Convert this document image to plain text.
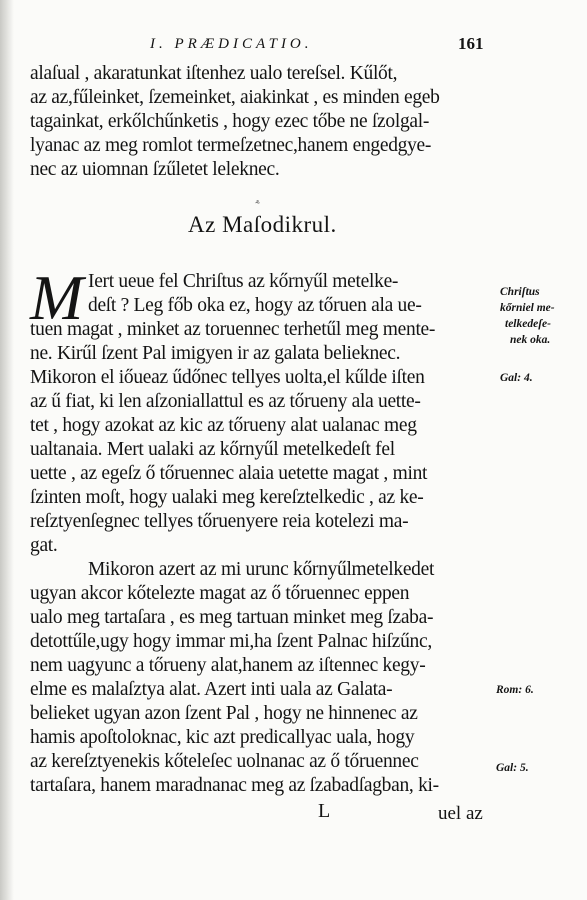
I. PRÆDICATIO.	161
alaſual , akaratunkat iſtenhez ualo tereſsel. Kűlőt,
az az,fűleinket, ſzemeinket, aiakinkat , es minden egeb
tagainkat, erkőlchűnketis , hogy ezec tőbe ne ſzolgal-
lyanac az meg romlot termeſzetnec,hanem engedgye-
nec az uiomnan ſzűletet leleknec.
⸛
Az Maſodikrul.
M Iert ueue fel Chriſtus az kőrnyűl metelke-
deſt ? Leg főb oka ez, hogy az tőruen ala ue-
tuen magat , minket az toruennec terhetűl meg mente-
ne. Kirűl ſzent Pal imigyen ir az galata belieknec.
Mikoron el iőueaz űdőnec tellyes uolta,el kűlde iſten
az ű fiat, ki len aſzoniallattul es az tőrueny ala uette-
tet , hogy azokat az kic az tőrueny alat ualanac meg
ualtanaia. Mert ualaki az kőrnyűl metelkedeſt fel
uette , az egeſz ő tőruennec alaia uetette magat , mint
ſzinten moſt, hogy ualaki meg kereſztelkedic , az ke-
reſztyenſegnec tellyes tőruenyere reia kotelezi ma-
gat.
Mikoron azert az mi urunc kőrnyűlmetelkedet
ugyan akcor kőtelezte magat az ő tőruennec eppen
ualo meg tartaſara , es meg tartuan minket meg ſzaba-
detottűle,ugy hogy immar mi,ha ſzent Palnac hiſzűnc,
nem uagyunc a tőrueny alat,hanem az iſtennec kegy-
elme es malaſztya alat. Azert inti uala az Galata-
belieket ugyan azon ſzent Pal , hogy ne hinnenec az
hamis apoſtoloknac, kic azt predicallyac uala, hogy
az kereſztyenekis kőteleſec uolnanac az ő tőruennec
tartaſara, hanem maradnanac meg az ſzabadſagban, ki-
Chriſtus
kőrniel me-
telkedeſe-
nek oka.
Gal: 4.
Rom: 6.
Gal: 5.
L	uel az
